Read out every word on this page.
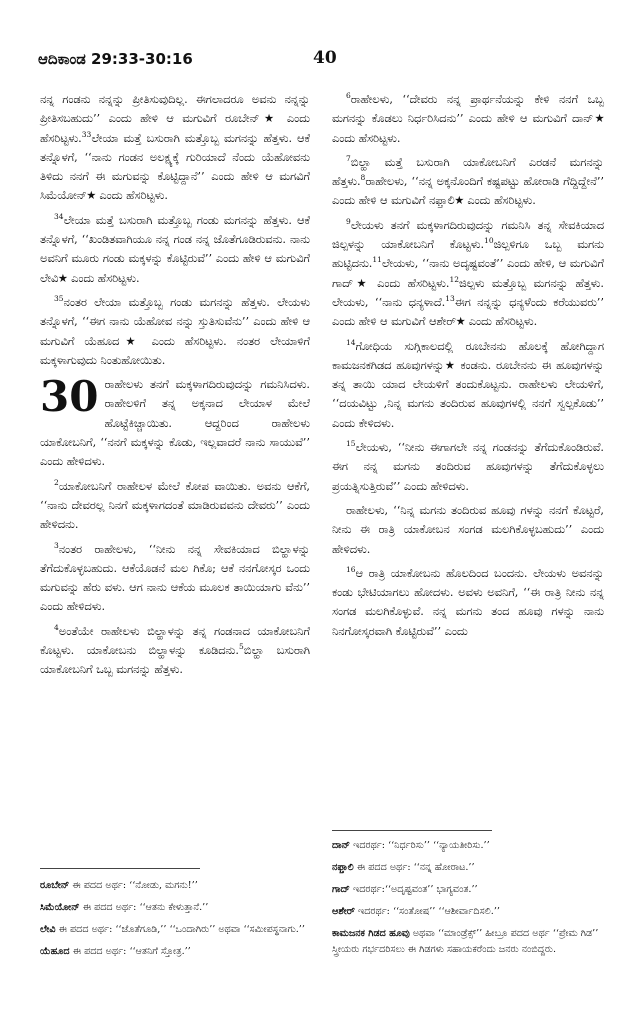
ಆದಿಕಾಂಡ 29:33-30:16	40

ನನ್ನ ಗಂಡನು ನನ್ನನ್ನು ಪ್ರೀತಿಸುವುದಿಲ್ಲ. ಈಗಲಾದರೂ ಅವನು ನನ್ನನ್ನು ಪ್ರೀತಿಸಬಹುದು’’ ಎಂದು ಹೇಳಿ ಆ ಮಗುವಿಗೆ ರೂಬೇನ್★ ಎಂದು ಹೆಸರಿಟ್ಟಳು.$^{33}$ಲೇಯಾ ಮತ್ತೆ ಬಸುರಾಗಿ ಮತ್ತೊಬ್ಬ ಮಗನನ್ನು ಹೆತ್ತಳು. ಆಕೆ ತನ್ನೊಳಗೆ, ‘‘ನಾನು ಗಂಡನ ಅಲಕ್ಷ್ಯಕ್ಕೆ ಗುರಿಯಾದೆ ನೆಂದು ಯೆಹೋವನು ತಿಳಿದು ನನಗೆ ಈ ಮಗುವನ್ನು ಕೊಟ್ಟಿದ್ದಾನೆ’’ ಎಂದು ಹೇಳಿ ಆ ಮಗವಿಗೆ ಸಿಮೆಯೋನ್★ ಎಂದು ಹೆಸರಿಟ್ಟಳು.

$^{34}$ಲೇಯಾ ಮತ್ತೆ ಬಸುರಾಗಿ ಮತ್ತೊಬ್ಬ ಗಂಡು ಮಗನನ್ನು ಹೆತ್ತಳು. ಆಕೆ ತನ್ನೊಳಗೆ, ‘‘ಖಂಡಿತವಾಗಿಯೂ ನನ್ನ ಗಂಡ ನನ್ನ ಜೊತೆಗೂಡಿರುವನು. ನಾನು ಅವನಿಗೆ ಮೂರು ಗಂಡು ಮಕ್ಕಳನ್ನು ಕೊಟ್ಟಿರುವೆ’’ ಎಂದು ಹೇಳಿ ಆ ಮಗುವಿಗೆ ಲೇವಿ★ ಎಂದು ಹೆಸರಿಟ್ಟಳು.

$^{35}$ನಂತರ ಲೇಯಾ ಮತ್ತೊಬ್ಬ ಗಂಡು ಮಗನನ್ನು ಹೆತ್ತಳು. ಲೇಯಳು ತನ್ನೊಳಗೆ, ‘‘ಈಗ ನಾನು ಯೆಹೋವ ನನ್ನು ಸ್ತುತಿಸುವೆನು’’ ಎಂದು ಹೇಳಿ ಆ ಮಗುವಿಗೆ ಯೆಹೂದ★ ಎಂದು ಹೆಸರಿಟ್ಟಳು. ನಂತರ ಲೇಯಾಳಿಗೆ ಮಕ್ಕಳಾಗುವುದು ನಿಂತುಹೋಯಿತು.

30 ರಾಹೇಲಳು ತನಗೆ ಮಕ್ಕಳಾಗದಿರುವುದನ್ನು ಗಮನಿಸಿದಳು. ರಾಹೇಲಳಿಗೆ ತನ್ನ ಅಕ್ಕನಾದ ಲೇಯಾಳ ಮೇಲೆ ಹೊಟ್ಟೆಕಿಚ್ಚಾಯಿತು. ಆದ್ದರಿಂದ ರಾಹೇಲಳು ಯಾಕೋಬನಿಗೆ, ‘‘ನನಗೆ ಮಕ್ಕಳನ್ನು ಕೊಡು, ಇಲ್ಲವಾದರೆ ನಾನು ಸಾಯುವೆ’’ ಎಂದು ಹೇಳಿದಳು.

$^2$ಯಾಕೋಬನಿಗೆ ರಾಹೇಲಳ ಮೇಲೆ ಕೋಪ ವಾಯಿತು. ಅವನು ಆಕೆಗೆ, ‘‘ನಾನು ದೇವರಲ್ಲ ನಿನಗೆ ಮಕ್ಕಳಾಗದಂತೆ ಮಾಡಿರುವವನು ದೇವರು’’ ಎಂದು ಹೇಳಿದನು.

$^3$ನಂತರ ರಾಹೇಲಳು, ‘‘ನೀನು ನನ್ನ ಸೇವಕಿಯಾದ ಬಿಲ್ಹಾಳನ್ನು ತೆಗೆದುಕೊಳ್ಳಬಹುದು. ಆಕೆಯೊಡನೆ ಮಲ ಗಿಕೊ; ಆಕೆ ನನಗೋಸ್ಕರ ಒಂದು ಮಗುವನ್ನು ಹೆರು ವಳು. ಆಗ ನಾನು ಆಕೆಯ ಮೂಲಕ ತಾಯಿಯಾಗು ವೆನು’’ ಎಂದು ಹೇಳಿದಳು.

$^4$ಅಂತೆಯೇ ರಾಹೇಲಳು ಬಿಲ್ಹಾಳನ್ನು ತನ್ನ ಗಂಡನಾದ ಯಾಕೋಬನಿಗೆ ಕೊಟ್ಟಳು. ಯಾಕೋಬನು ಬಿಲ್ಹಾಳನ್ನು ಕೂಡಿದನು.$^5$ಬಿಲ್ಹಾ ಬಸುರಾಗಿ ಯಾಕೋಬನಿಗೆ ಒಬ್ಬ ಮಗನನ್ನು ಹೆತ್ತಳು.

$^6$ರಾಹೇಲಳು, ‘‘ದೇವರು ನನ್ನ ಪ್ರಾರ್ಥನೆಯನ್ನು ಕೇಳಿ ನನಗೆ ಒಬ್ಬ ಮಗನನ್ನು ಕೊಡಲು ನಿರ್ಧರಿಸಿದನು’’ ಎಂದು ಹೇಳಿ ಆ ಮಗುವಿಗೆ ದಾನ್★ ಎಂದು ಹೆಸರಿಟ್ಟಳು.

$^7$ಬಿಲ್ಹಾ ಮತ್ತೆ ಬಸುರಾಗಿ ಯಾಕೋಬನಿಗೆ ಎರಡನೆ ಮಗನನ್ನು ಹೆತ್ತಳು.$^8$ರಾಹೇಲಳು, ‘‘ನನ್ನ ಅಕ್ಕನೊಂದಿಗೆ ಕಷ್ಟಪಟ್ಟು ಹೋರಾಡಿ ಗೆದ್ದಿದ್ದೇನೆ’’ ಎಂದು ಹೇಳಿ ಆ ಮಗುವಿಗೆ ನಫ್ತಾಲಿ★ ಎಂದು ಹೆಸರಿಟ್ಟಳು.

$^9$ಲೇಯಳು ತನಗೆ ಮಕ್ಕಳಾಗದಿರುವುದನ್ನು ಗಮನಿಸಿ ತನ್ನ ಸೇವಕಿಯಾದ ಜಿಲ್ಪಳನ್ನು ಯಾಕೋಬನಿಗೆ ಕೊಟ್ಟಳು.$^{10}$ಜಿಲ್ಪಳಿಗೂ ಒಬ್ಬ ಮಗನು ಹುಟ್ಟಿದನು.$^{11}$ಲೇಯಳು, ‘‘ನಾನು ಅದೃಷ್ಟವಂತೆ’’ ಎಂದು ಹೇಳಿ, ಆ ಮಗುವಿಗೆ ಗಾದ್★ ಎಂದು ಹೆಸರಿಟ್ಟಳು.$^{12}$ಜಿಲ್ಪಳು ಮತ್ತೊಬ್ಬ ಮಗನನ್ನು ಹೆತ್ತಳು. ಲೇಯಳು, ‘‘ನಾನು ಧನ್ಯಳಾದೆ.$^{13}$ಈಗ ನನ್ನನ್ನು ಧನ್ಯಳೆಂದು ಕರೆಯುವರು’’ ಎಂದು ಹೇಳಿ ಆ ಮಗುವಿಗೆ ಆಶೇರ್★ ಎಂದು ಹೆಸರಿಟ್ಟಳು.

$^{14}$ಗೋಧಿಯ ಸುಗ್ಗಿಕಾಲದಲ್ಲಿ ರೂಬೇನನು ಹೊಲಕ್ಕೆ ಹೋಗಿದ್ದಾಗ ಕಾಮಜನಕಗಿಡದ ಹೂವುಗಳನ್ನು★ ಕಂಡನು. ರೂಬೇನನು ಈ ಹೂವುಗಳನ್ನು ತನ್ನ ತಾಯಿ ಯಾದ ಲೇಯಳಿಗೆ ತಂದುಕೊಟ್ಟನು. ರಾಹೇಲಳು ಲೇಯಳಿಗೆ, ‘‘ದಯವಿಟ್ಟು ,ನಿನ್ನ ಮಗನು ತಂದಿರುವ ಹೂವುಗಳಲ್ಲಿ ನನಗೆ ಸ್ವಲ್ಪಕೊಡು’’ ಎಂದು ಕೇಳಿದಳು.

$^{15}$ಲೇಯಳು, ‘‘ನೀನು ಈಗಾಗಲೇ ನನ್ನ ಗಂಡನನ್ನು ತೆಗೆದುಕೊಂಡಿರುವೆ. ಈಗ ನನ್ನ ಮಗನು ತಂದಿರುವ ಹೂವುಗಳನ್ನು ತೆಗೆದುಕೊಳ್ಳಲು ಪ್ರಯತ್ನಿಸುತ್ತಿರುವೆ’’ ಎಂದು ಹೇಳಿದಳು.

ರಾಹೇಲಳು, ‘‘ನಿನ್ನ ಮಗನು ತಂದಿರುವ ಹೂವು ಗಳನ್ನು ನನಗೆ ಕೊಟ್ಟರೆ, ನೀನು ಈ ರಾತ್ರಿ ಯಾಕೋಬನ ಸಂಗಡ ಮಲಗಿಕೊಳ್ಳಬಹುದು’’ ಎಂದು ಹೇಳಿದಳು.

$^{16}$ಆ ರಾತ್ರಿ ಯಾಕೋಬನು ಹೊಲದಿಂದ ಬಂದನು. ಲೇಯಳು ಅವನನ್ನು ಕಂಡು ಭೇಟಿಯಾಗಲು ಹೋದಳು. ಅವಳು ಅವನಿಗೆ, ‘‘ಈ ರಾತ್ರಿ ನೀನು ನನ್ನ ಸಂಗಡ ಮಲಗಿಕೊಳ್ಳುವೆ. ನನ್ನ ಮಗನು ತಂದ ಹೂವು ಗಳನ್ನು ನಾನು ನಿನಗೋಸ್ಕರವಾಗಿ ಕೊಟ್ಟಿರುವೆ’’ ಎಂದು

ರೂಬೇನ್ ಈ ಪದದ ಅರ್ಥ: ‘‘ನೋಡು, ಮಗನು!’’
ಸಿಮೆಯೋನ್ ಈ ಪದದ ಅರ್ಥ: ‘‘ಆತನು ಕೇಳುತ್ತಾನೆ.’’
ಲೇವಿ ಈ ಪದದ ಅರ್ಥ: ‘‘ಜೊತೆಗೂಡಿ,’’ ‘‘ಒಂದಾಗಿರು’’ ಅಥವಾ ‘‘ಸಮೀಪಸ್ಥನಾಗು.’’
ಯೆಹೂದ ಈ ಪದದ ಅರ್ಥ: ‘‘ಆತನಿಗೆ ಸ್ತೋತ್ರ.’’
ದಾನ್ ಇದರರ್ಥ: ‘‘ನಿರ್ಧರಿಸು’’ ‘‘ನ್ಯಾಯತೀರಿಸು.’’
ನಫ್ತಾಲಿ ಈ ಪದದ ಅರ್ಥ: ‘‘ನನ್ನ ಹೋರಾಟ.’’
ಗಾದ್ ಇದರರ್ಥ:‘‘ಅದೃಷ್ಟವಂತ’’ ಭಾಗ್ಯವಂತ.’’
ಆಶೇರ್ ಇದರರ್ಥ: ‘‘ಸಂತೋಷ’’ ‘‘ಆಶೀರ್ವಾದಿಸಲಿ.’’
ಕಾಮಜನಕ ಗಿಡದ ಹೂವು ಅಥವಾ ‘‘ಮಾಂಡ್ರೆಕ್ಸ್’’ ಹೀಬ್ರೂ ಪದದ ಅರ್ಥ ‘‘ಪ್ರೇಮ ಗಿಡ’’ ಸ್ತ್ರೀಯರು ಗರ್ಭದರಿಸಲು ಈ ಗಿಡಗಳು ಸಹಾಯಕರೆಂದು ಜನರು ನಂಬಿದ್ದರು.
